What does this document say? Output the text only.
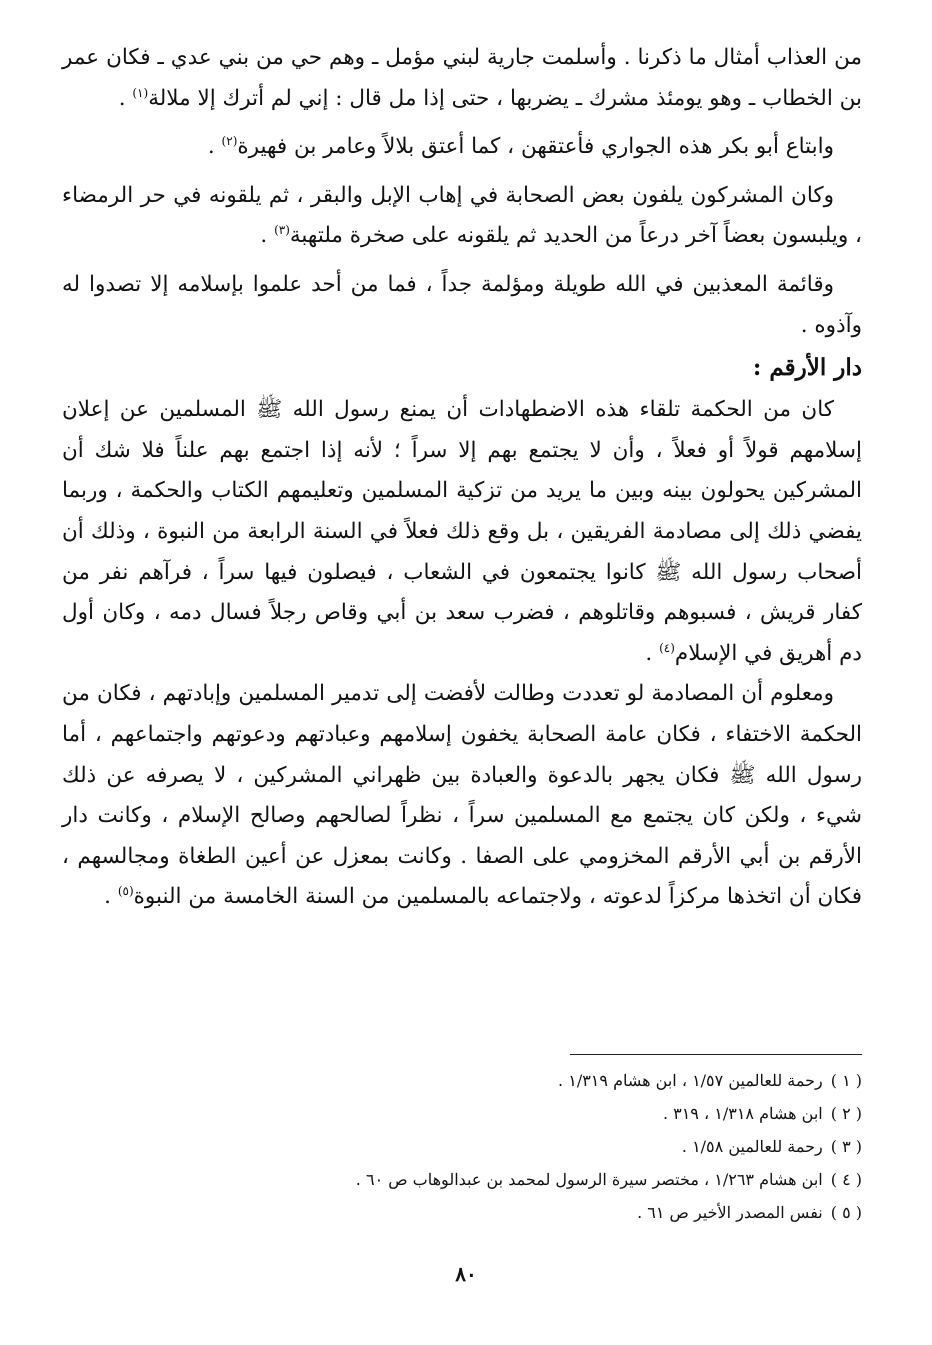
من العذاب أمثال ما ذكرنا . وأسلمت جارية لبني مؤمل ـ وهم حي من بني عدي ـ فكان عمر بن الخطاب ـ وهو يومئذ مشرك ـ يضربها ، حتى إذا مل قال : إني لم أترك إلا ملالة$^{(١)}$ .

وابتاع أبو بكر هذه الجواري فأعتقهن ، كما أعتق بلالاً وعامر بن فهيرة$^{(٢)}$ .

وكان المشركون يلفون بعض الصحابة في إهاب الإبل والبقر ، ثم يلقونه في حر الرمضاء ، ويلبسون بعضاً آخر درعاً من الحديد ثم يلقونه على صخرة ملتهبة$^{(٣)}$ .

وقائمة المعذبين في الله طويلة ومؤلمة جداً ، فما من أحد علموا بإسلامه إلا تصدوا له وآذوه .

دار الأرقم :

كان من الحكمة تلقاء هذه الاضطهادات أن يمنع رسول الله ﷺ المسلمين عن إعلان إسلامهم قولاً أو فعلاً ، وأن لا يجتمع بهم إلا سراً ؛ لأنه إذا اجتمع بهم علناً فلا شك أن المشركين يحولون بينه وبين ما يريد من تزكية المسلمين وتعليمهم الكتاب والحكمة ، وربما يفضي ذلك إلى مصادمة الفريقين ، بل وقع ذلك فعلاً في السنة الرابعة من النبوة ، وذلك أن أصحاب رسول الله ﷺ كانوا يجتمعون في الشعاب ، فيصلون فيها سراً ، فرآهم نفر من كفار قريش ، فسبوهم وقاتلوهم ، فضرب سعد بن أبي وقاص رجلاً فسال دمه ، وكان أول دم أهريق في الإسلام$^{(٤)}$ .

ومعلوم أن المصادمة لو تعددت وطالت لأفضت إلى تدمير المسلمين وإبادتهم ، فكان من الحكمة الاختفاء ، فكان عامة الصحابة يخفون إسلامهم وعبادتهم ودعوتهم واجتماعهم ، أما رسول الله ﷺ فكان يجهر بالدعوة والعبادة بين ظهراني المشركين ، لا يصرفه عن ذلك شيء ، ولكن كان يجتمع مع المسلمين سراً ، نظراً لصالحهم وصالح الإسلام ، وكانت دار الأرقم بن أبي الأرقم المخزومي على الصفا . وكانت بمعزل عن أعين الطغاة ومجالسهم ، فكان أن اتخذها مركزاً لدعوته ، ولاجتماعه بالمسلمين من السنة الخامسة من النبوة$^{(٥)}$ .

( ١ )رحمة للعالمين ١/٥٧ ، ابن هشام ١/٣١٩ .

( ٢ )ابن هشام ١/٣١٨ ، ٣١٩ .

( ٣ )رحمة للعالمين ١/٥٨ .

( ٤ )ابن هشام ١/٢٦٣ ، مختصر سيرة الرسول لمحمد بن عبدالوهاب ص ٦٠ .

( ٥ )نفس المصدر الأخير ص ٦١ .

٨٠
